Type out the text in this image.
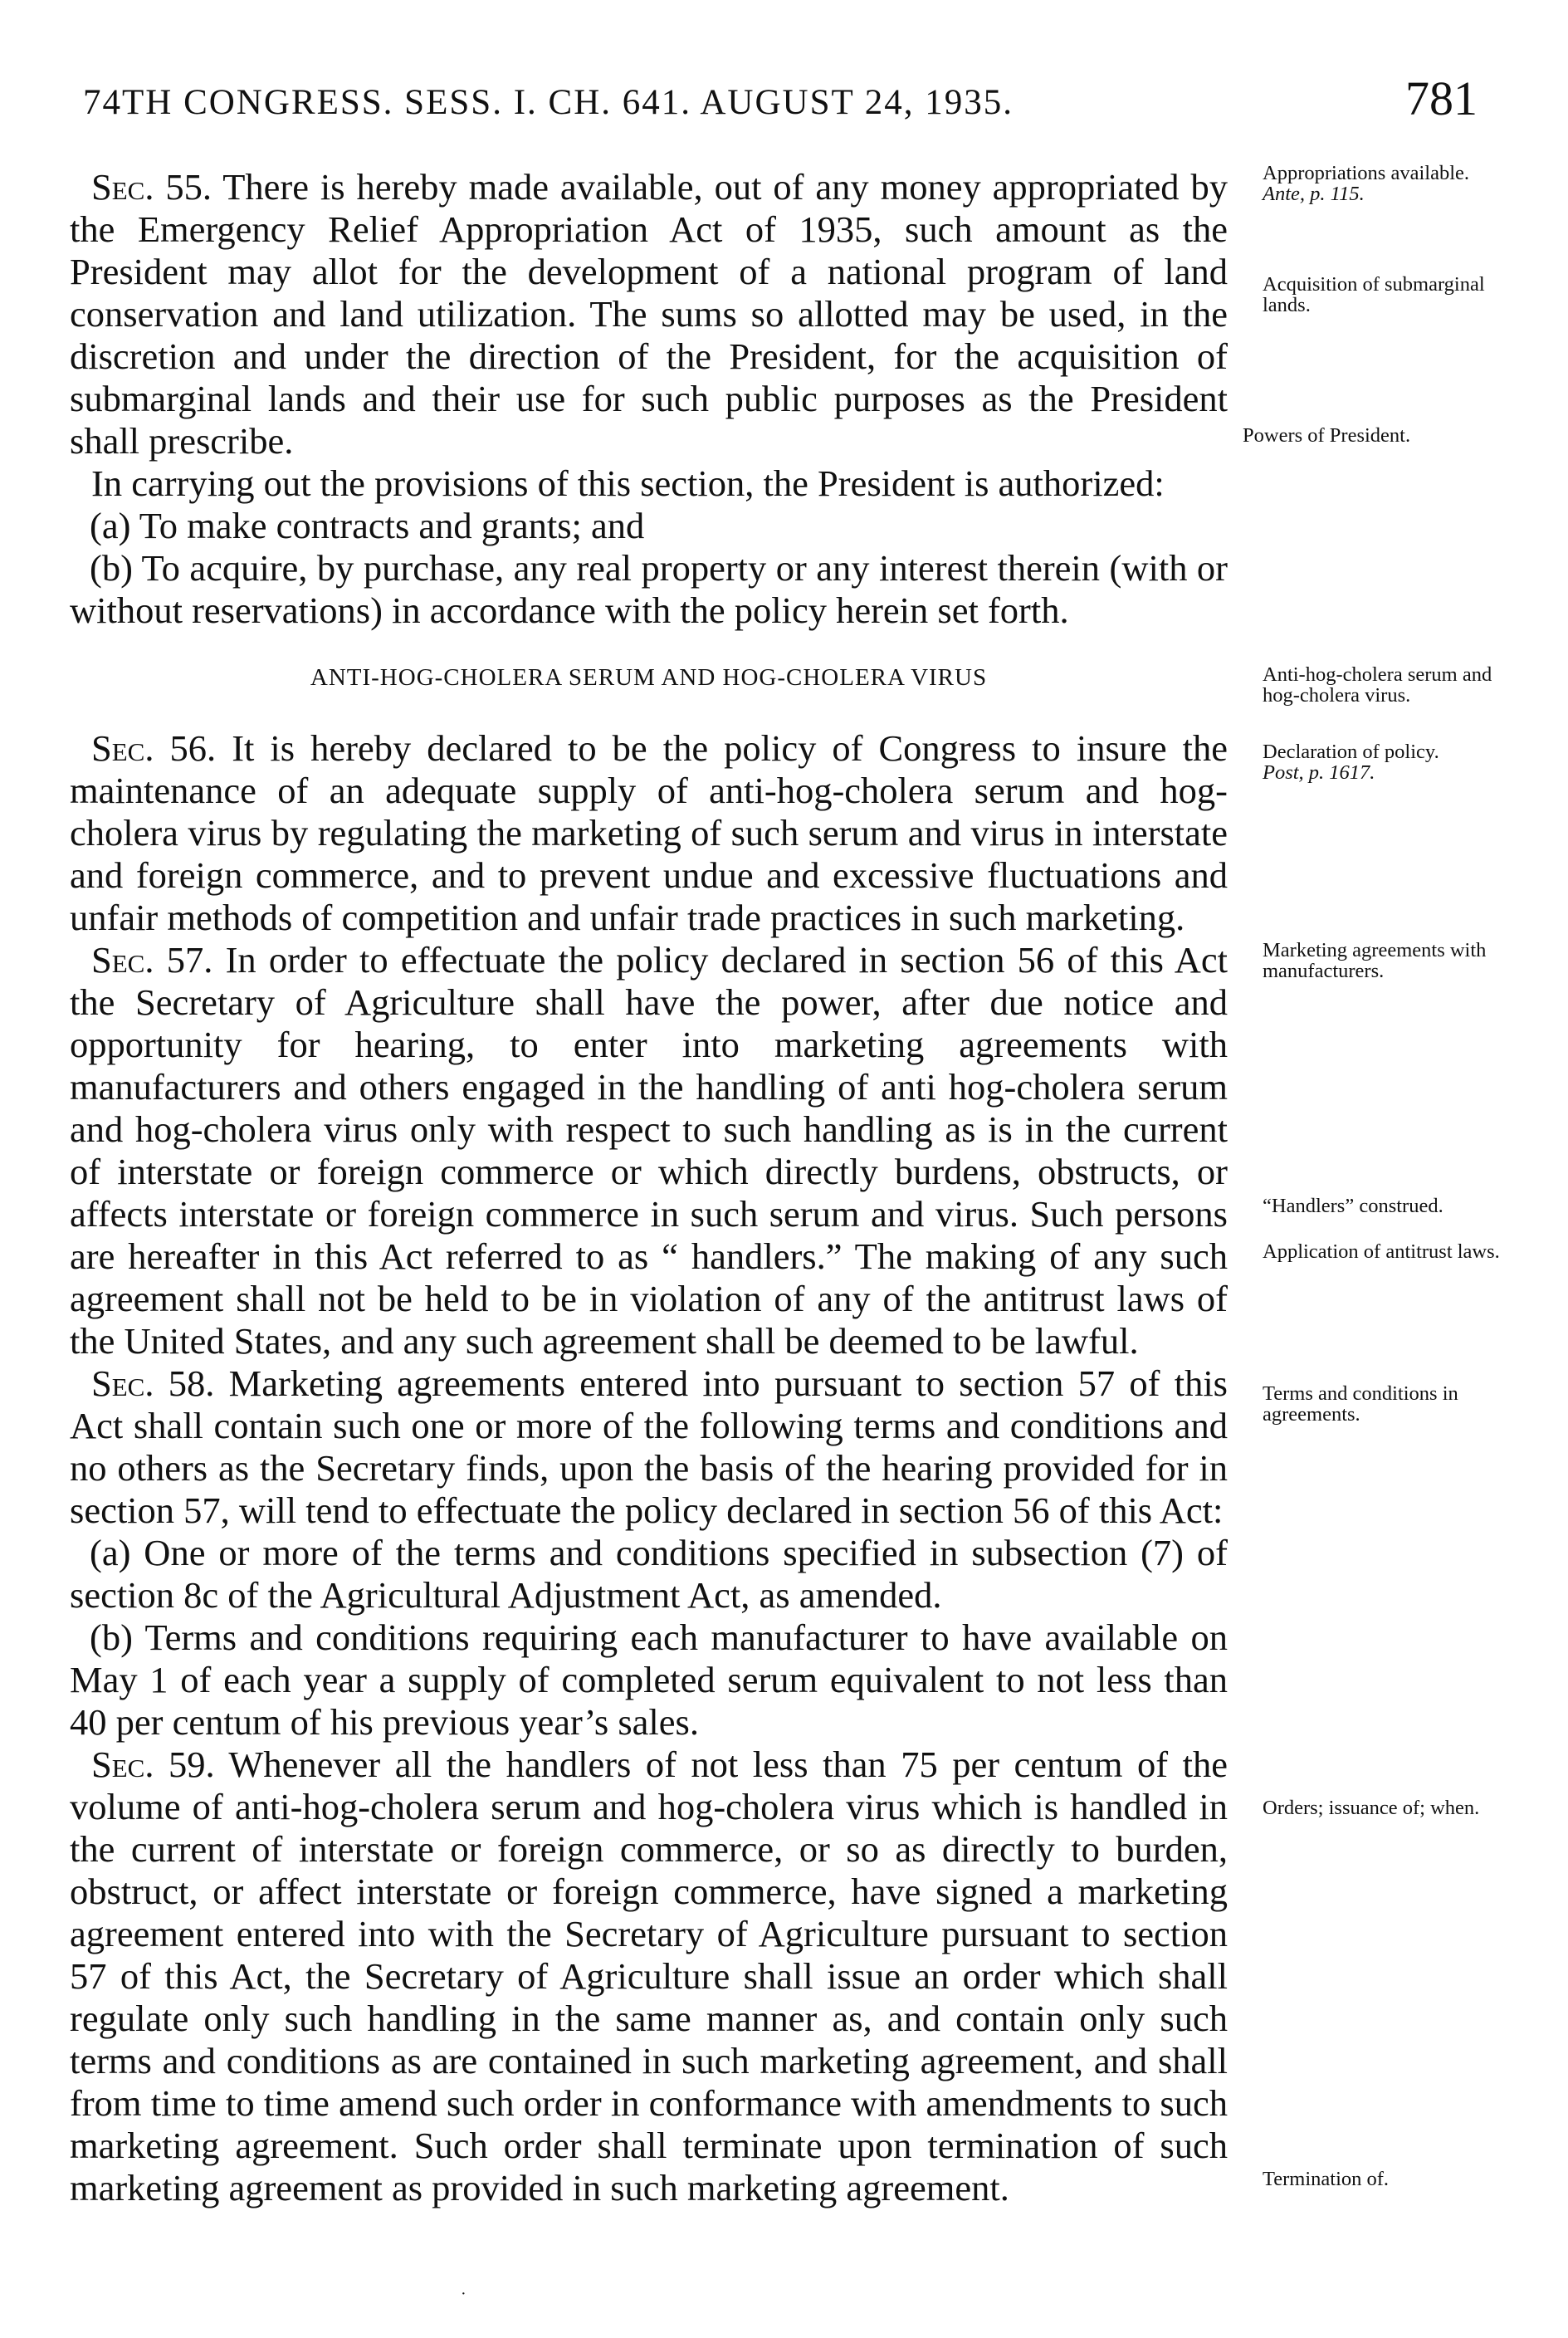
74TH CONGRESS. SESS. I. CH. 641. AUGUST 24, 1935.	781

Sec. 55. There is hereby made available, out of any money appropriated by the Emergency Relief Appropriation Act of 1935, such amount as the President may allot for the development of a national program of land conservation and land utilization. The sums so allotted may be used, in the discretion and under the direction of the President, for the acquisition of submarginal lands and their use for such public purposes as the President shall prescribe.

In carrying out the provisions of this section, the President is authorized:

(a) To make contracts and grants; and

(b) To acquire, by purchase, any real property or any interest therein (with or without reservations) in accordance with the policy herein set forth.

ANTI-HOG-CHOLERA SERUM AND HOG-CHOLERA VIRUS

Sec. 56. It is hereby declared to be the policy of Congress to insure the maintenance of an adequate supply of anti-hog-cholera serum and hog-cholera virus by regulating the marketing of such serum and virus in interstate and foreign commerce, and to prevent undue and excessive fluctuations and unfair methods of competition and unfair trade practices in such marketing.

Sec. 57. In order to effectuate the policy declared in section 56 of this Act the Secretary of Agriculture shall have the power, after due notice and opportunity for hearing, to enter into marketing agreements with manufacturers and others engaged in the handling of anti hog-cholera serum and hog-cholera virus only with respect to such handling as is in the current of interstate or foreign commerce or which directly burdens, obstructs, or affects interstate or foreign commerce in such serum and virus. Such persons are hereafter in this Act referred to as “ handlers.” The making of any such agreement shall not be held to be in violation of any of the antitrust laws of the United States, and any such agreement shall be deemed to be lawful.

Sec. 58. Marketing agreements entered into pursuant to section 57 of this Act shall contain such one or more of the following terms and conditions and no others as the Secretary finds, upon the basis of the hearing provided for in section 57, will tend to effectuate the policy declared in section 56 of this Act:

(a) One or more of the terms and conditions specified in subsection (7) of section 8c of the Agricultural Adjustment Act, as amended.

(b) Terms and conditions requiring each manufacturer to have available on May 1 of each year a supply of completed serum equivalent to not less than 40 per centum of his previous year’s sales.

Sec. 59. Whenever all the handlers of not less than 75 per centum of the volume of anti-hog-cholera serum and hog-cholera virus which is handled in the current of interstate or foreign commerce, or so as directly to burden, obstruct, or affect interstate or foreign commerce, have signed a marketing agreement entered into with the Secretary of Agriculture pursuant to section 57 of this Act, the Secretary of Agriculture shall issue an order which shall regulate only such handling in the same manner as, and contain only such terms and conditions as are contained in such marketing agreement, and shall from time to time amend such order in conformance with amendments to such marketing agreement. Such order shall terminate upon termination of such marketing agreement as provided in such marketing agreement.

Appropriations available.
Ante, p. 115.
Acquisition of submarginal lands.
Powers of President.
Anti-hog-cholera serum and hog-cholera virus.
Declaration of policy.
Post, p. 1617.
Marketing agreements with manufacturers.
“Handlers” construed.
Application of antitrust laws.
Terms and conditions in agreements.
Orders; issuance of; when.
Termination of.
·
